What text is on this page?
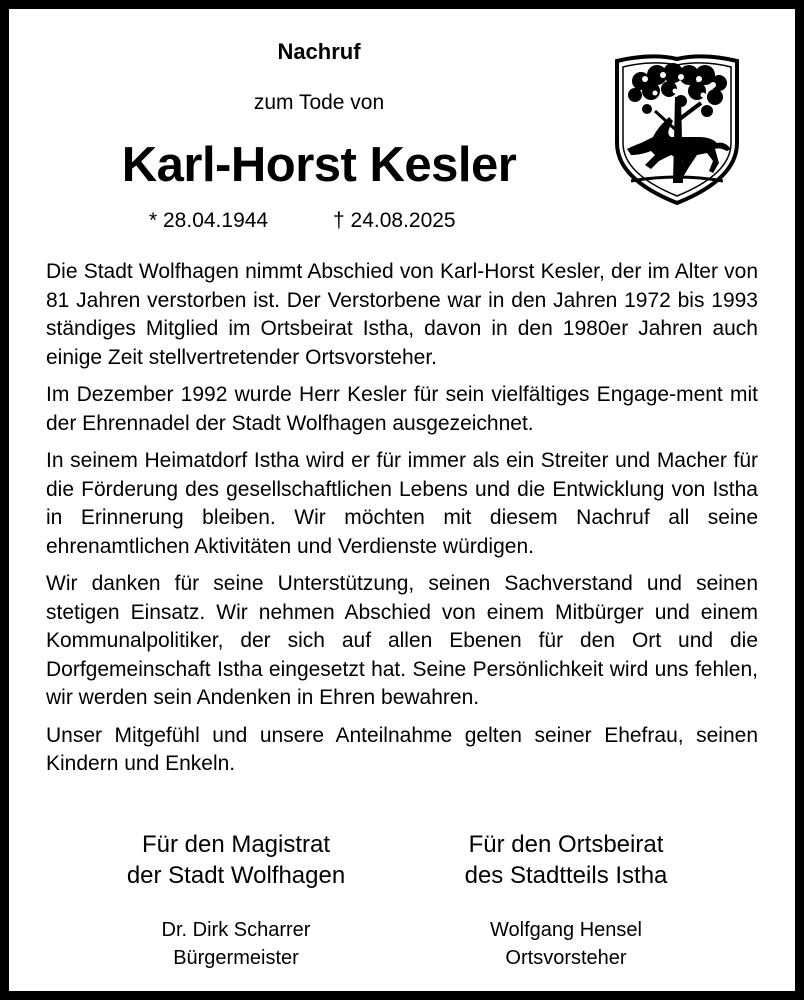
Nachruf
zum Tode von
Karl-Horst Kesler
* 28.04.1944	† 24.08.2025

Die Stadt Wolfhagen nimmt Abschied von Karl-Horst Kesler, der im Alter von 81 Jahren verstorben ist. Der Verstorbene war in den Jahren 1972 bis 1993 ständiges Mitglied im Ortsbeirat Istha, davon in den 1980er Jahren auch einige Zeit stellvertretender Ortsvorsteher.

Im Dezember 1992 wurde Herr Kesler für sein vielfältiges Engage-ment mit der Ehrennadel der Stadt Wolfhagen ausgezeichnet.

In seinem Heimatdorf Istha wird er für immer als ein Streiter und Macher für die Förderung des gesellschaftlichen Lebens und die Entwicklung von Istha in Erinnerung bleiben. Wir möchten mit diesem Nachruf all seine ehrenamtlichen Aktivitäten und Verdienste würdigen.

Wir danken für seine Unterstützung, seinen Sachverstand und seinen stetigen Einsatz. Wir nehmen Abschied von einem Mitbürger und einem Kommunalpolitiker, der sich auf allen Ebenen für den Ort und die Dorfgemeinschaft Istha eingesetzt hat. Seine Persönlichkeit wird uns fehlen, wir werden sein Andenken in Ehren bewahren.

Unser Mitgefühl und unsere Anteilnahme gelten seiner Ehefrau, seinen Kindern und Enkeln.

Für den Magistrat
der Stadt Wolfhagen
Dr. Dirk Scharrer
Bürgermeister
Für den Ortsbeirat
des Stadtteils Istha
Wolfgang Hensel
Ortsvorsteher
